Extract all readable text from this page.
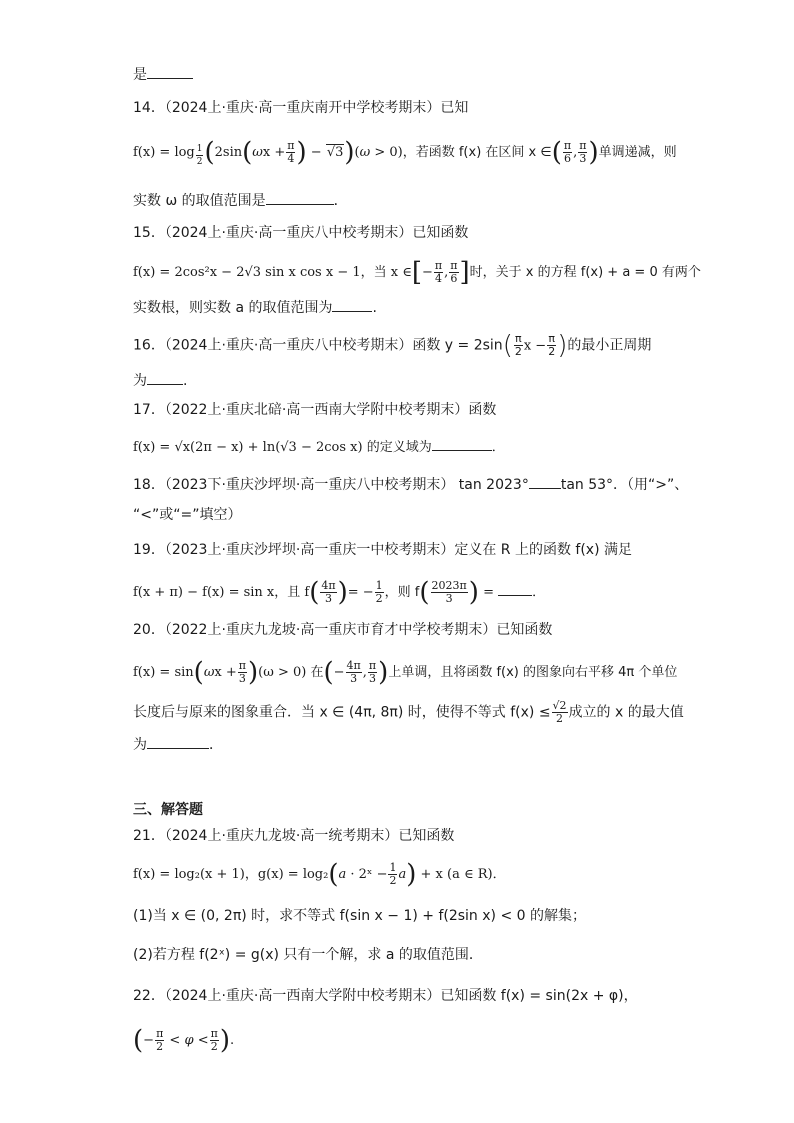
是
14．（2024上·重庆·高一重庆南开中学校考期末）已知
$f(x) = \log \frac{1}{2} (2\sin(\omega x + \frac{\pi}{4}$ ) − √3)(ω > 0)，若函数 f(x) 在区间 x ∈( $\frac{\pi}{6}$ , $\frac{\pi}{3}$ )单调递减，则
实数 ω 的取值范围是	．
15．（2024上·重庆·高一重庆八中校考期末）已知函数
f(x) = 2cos²x − 2√3 sin x cos x − 1，当 x ∈[− $\frac{\pi}{4}$ , $\frac{\pi}{6}$ ]时，关于 x 的方程 f(x) + a = 0 有两个
实数根，则实数 a 的取值范围为	.
16．（2024上·重庆·高一重庆八中校考期末）函数 $y = 2\sin( \frac{\pi}{2}$ $x - \frac{\pi}{2}$ )的最小正周期
为	.
17．（2022上·重庆北碚·高一西南大学附中校考期末）函数
f(x) = √x(2π − x) + ln(√3 − 2cos x) 的定义域为	．
18．（2023下·重庆沙坪坝·高一重庆八中校考期末） tan 2023° tan 53°．（用“>”、
“<”或“=”填空）
19．（2023上·重庆沙坪坝·高一重庆一中校考期末）定义在 R 上的函数 f(x) 满足
f(x + π) − f(x) = sin x，且 $f( \frac{4\pi}{3}$ )= − $\frac{1}{2}$ ，则 $f( \frac{2023\pi}{3}$ ) =	．
20．（2022上·重庆九龙坡·高一重庆市育才中学校考期末）已知函数
$f(x) = \sin(\omega x + \frac{\pi}{3} )(\omega > 0)$ 在(− $\frac{4\pi}{3}$ , $\frac{\pi}{3}$ )上单调，且将函数 f(x) 的图象向右平移 4π 个单位
长度后与原来的图象重合．当 x ∈ (4π, 8π) 时，使得不等式 $f(x) \le \frac{√2}{2}$ 成立的 x 的最大值
为	．
三、解答题
21．（2024上·重庆九龙坡·高一统考期末）已知函数
f(x) = log₂(x + 1)，g(x) = log₂(a · 2ˣ − $\frac{1}{2} a) + x$ (a ∈ R)．
(1)当 x ∈ (0, 2π) 时，求不等式 f(sin x − 1) + f(2sin x) < 0 的解集；
(2)若方程 f(2ˣ) = g(x) 只有一个解，求 a 的取值范围．
22．（2024上·重庆·高一西南大学附中校考期末）已知函数 f(x) = sin(2x + φ)，
(− $\frac{\pi}{2} < \varphi < \frac{\pi}{2}$ ).
